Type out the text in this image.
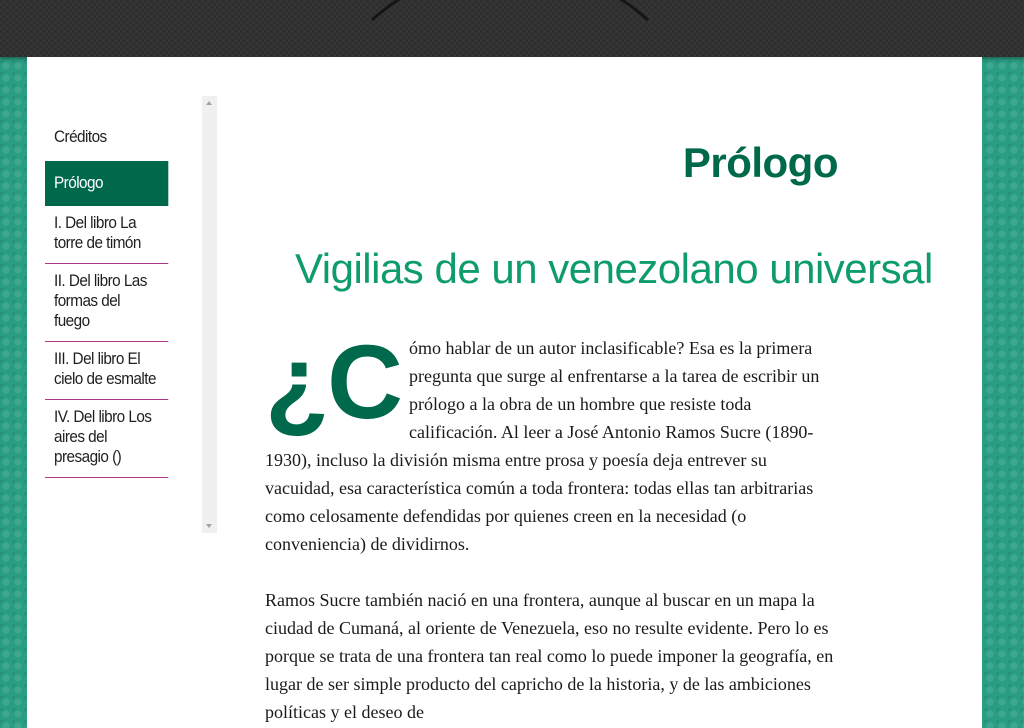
Créditos
Prólogo
I. Del libro La torre de timón
II. Del libro Las formas del fuego
III. Del libro El cielo de esmalte
IV. Del libro Los aires del presagio ()
Prólogo
Vigilias de un venezolano universal

¿C ómo hablar de un autor inclasificable? Esa es la primera pregunta que surge al enfrentarse a la tarea de escribir un prólogo a la obra de un hombre que resiste toda calificación. Al leer a José Antonio Ramos Sucre (1890-1930), incluso la división misma entre prosa y poesía deja entrever su vacuidad, esa característica común a toda frontera: todas ellas tan arbitrarias como celosamente defendidas por quienes creen en la necesidad (o conveniencia) de dividirnos.

Ramos Sucre también nació en una frontera, aunque al buscar en un mapa la ciudad de Cumaná, al oriente de Venezuela, eso no resulte evidente. Pero lo es porque se trata de una frontera tan real como lo puede imponer la geografía, en lugar de ser simple producto del capricho de la historia, y de las ambiciones políticas y el deseo de
